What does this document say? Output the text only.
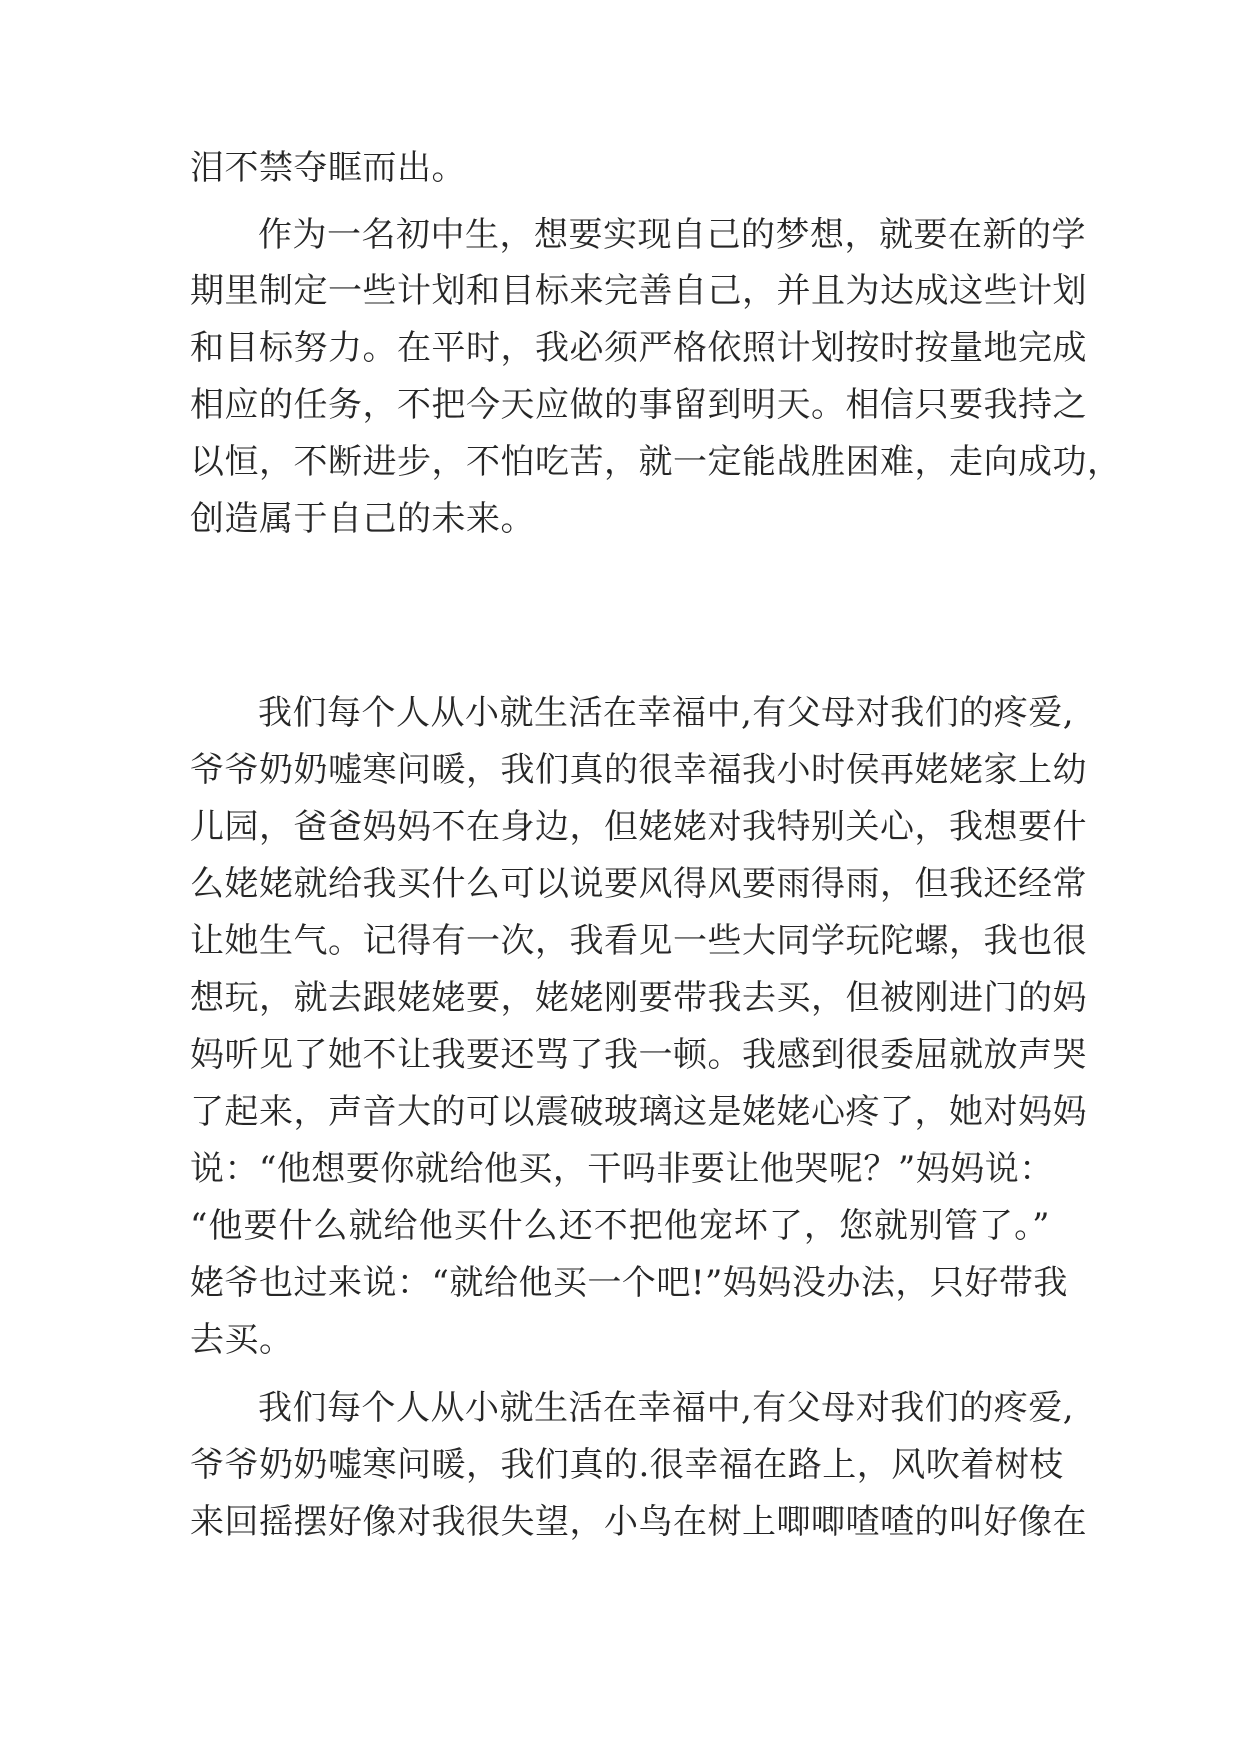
泪不禁夺眶而出。

作为一名初中生，想要实现自己的梦想，就要在新的学

期里制定一些计划和目标来完善自己，并且为达成这些计划

和目标努力。在平时，我必须严格依照计划按时按量地完成

相应的任务，不把今天应做的事留到明天。相信只要我持之

以恒，不断进步，不怕吃苦，就一定能战胜困难，走向成功，

创造属于自己的未来。

我们每个人从小就生活在幸福中,有父母对我们的疼爱,

爷爷奶奶嘘寒问暖，我们真的很幸福我小时侯再姥姥家上幼

儿园，爸爸妈妈不在身边，但姥姥对我特别关心，我想要什

么姥姥就给我买什么可以说要风得风要雨得雨，但我还经常

让她生气。记得有一次，我看见一些大同学玩陀螺，我也很

想玩，就去跟姥姥要，姥姥刚要带我去买，但被刚进门的妈

妈听见了她不让我要还骂了我一顿。我感到很委屈就放声哭

了起来，声音大的可以震破玻璃这是姥姥心疼了，她对妈妈

说：“他想要你就给他买，干吗非要让他哭呢？”妈妈说：

“他要什么就给他买什么还不把他宠坏了，您就别管了。”

姥爷也过来说：“就给他买一个吧!”妈妈没办法，只好带我

去买。

我们每个人从小就生活在幸福中,有父母对我们的疼爱,

爷爷奶奶嘘寒问暖，我们真的.很幸福在路上，风吹着树枝

来回摇摆好像对我很失望，小鸟在树上唧唧喳喳的叫好像在
